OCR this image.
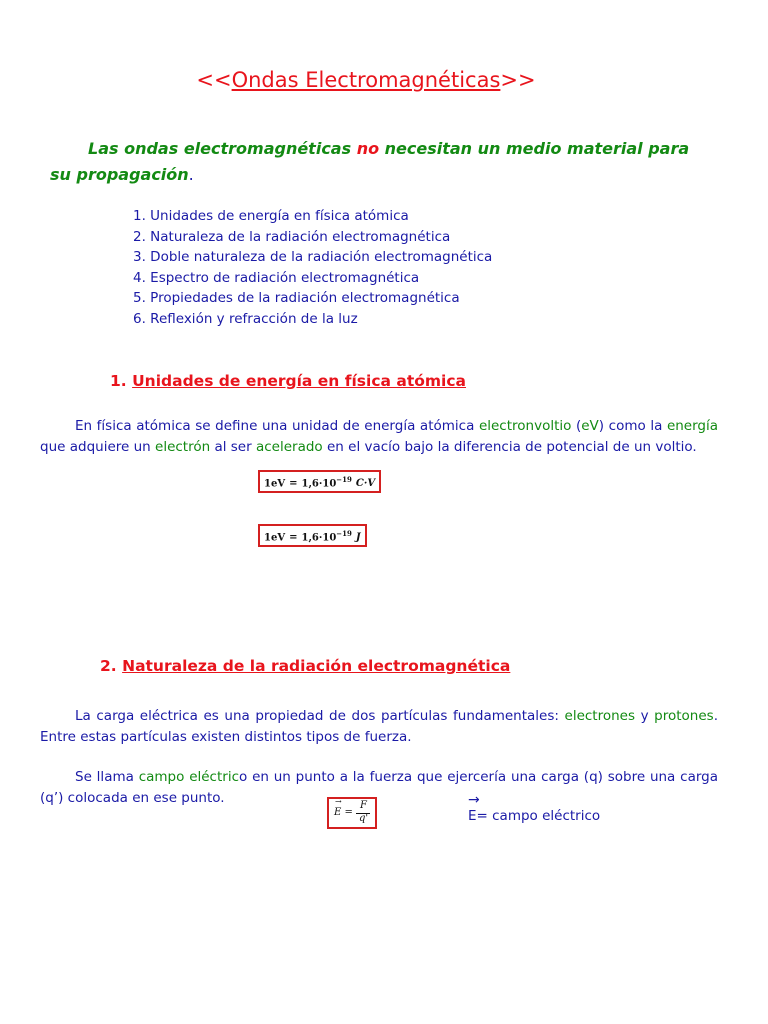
<<Ondas Electromagnéticas>>
Las ondas electromagnéticas no necesitan un medio material para su propagación.
1. Unidades de energía en física atómica
2. Naturaleza de la radiación electromagnética
3. Doble naturaleza de la radiación electromagnética
4. Espectro de radiación electromagnética
5. Propiedades de la radiación electromagnética
6. Reflexión y refracción de la luz
1. Unidades de energía en física atómica
En física atómica se define una unidad de energía atómica electronvoltio (eV) como la energía que adquiere un electrón al ser acelerado en el vacío bajo la diferencia de potencial de un voltio.
$1eV = 1,6\cdot 10^{-19}$ C·V
$1eV = 1,6\cdot 10^{-19}$ J
2. Naturaleza de la radiación electromagnética
La carga eléctrica es una propiedad de dos partículas fundamentales: electrones y protones. Entre estas partículas existen distintos tipos de fuerza.
Se llama campo eléctrico en un punto a la fuerza que ejercería una carga (q) sobre una carga (q’) colocada en ese punto.	→
E =
F
q'
→
E= campo eléctrico
